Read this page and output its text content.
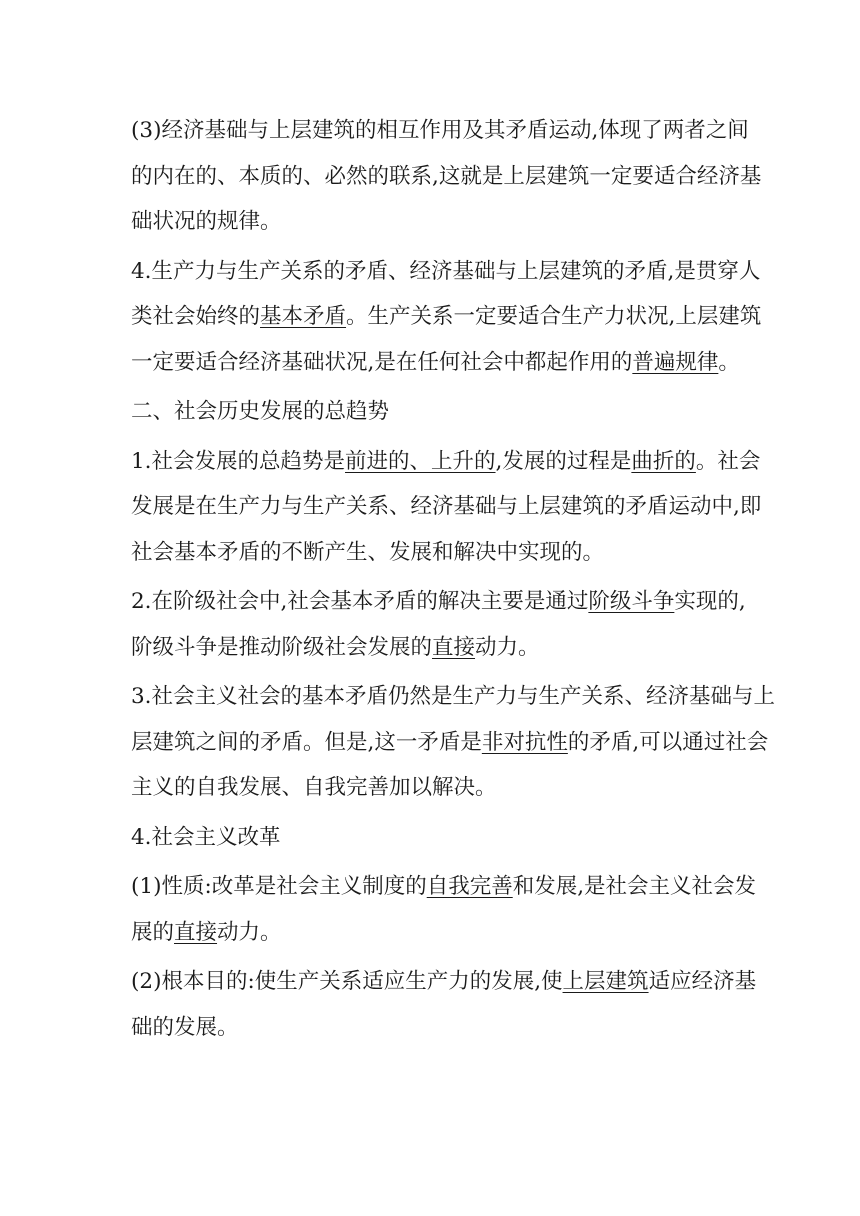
(3)经济基础与上层建筑的相互作用及其矛盾运动,体现了两者之间
的内在的、本质的、必然的联系,这就是上层建筑一定要适合经济基
础状况的规律。

4.生产力与生产关系的矛盾、经济基础与上层建筑的矛盾,是贯穿人
类社会始终的基本矛盾。生产关系一定要适合生产力状况,上层建筑
一定要适合经济基础状况,是在任何社会中都起作用的普遍规律。

二、社会历史发展的总趋势

1.社会发展的总趋势是前进的、上升的,发展的过程是曲折的。社会
发展是在生产力与生产关系、经济基础与上层建筑的矛盾运动中,即
社会基本矛盾的不断产生、发展和解决中实现的。

2.在阶级社会中,社会基本矛盾的解决主要是通过阶级斗争实现的,
阶级斗争是推动阶级社会发展的直接动力。

3.社会主义社会的基本矛盾仍然是生产力与生产关系、经济基础与上
层建筑之间的矛盾。但是,这一矛盾是非对抗性的矛盾,可以通过社会
主义的自我发展、自我完善加以解决。

4.社会主义改革

(1)性质:改革是社会主义制度的自我完善和发展,是社会主义社会发
展的直接动力。

(2)根本目的:使生产关系适应生产力的发展,使上层建筑适应经济基
础的发展。
